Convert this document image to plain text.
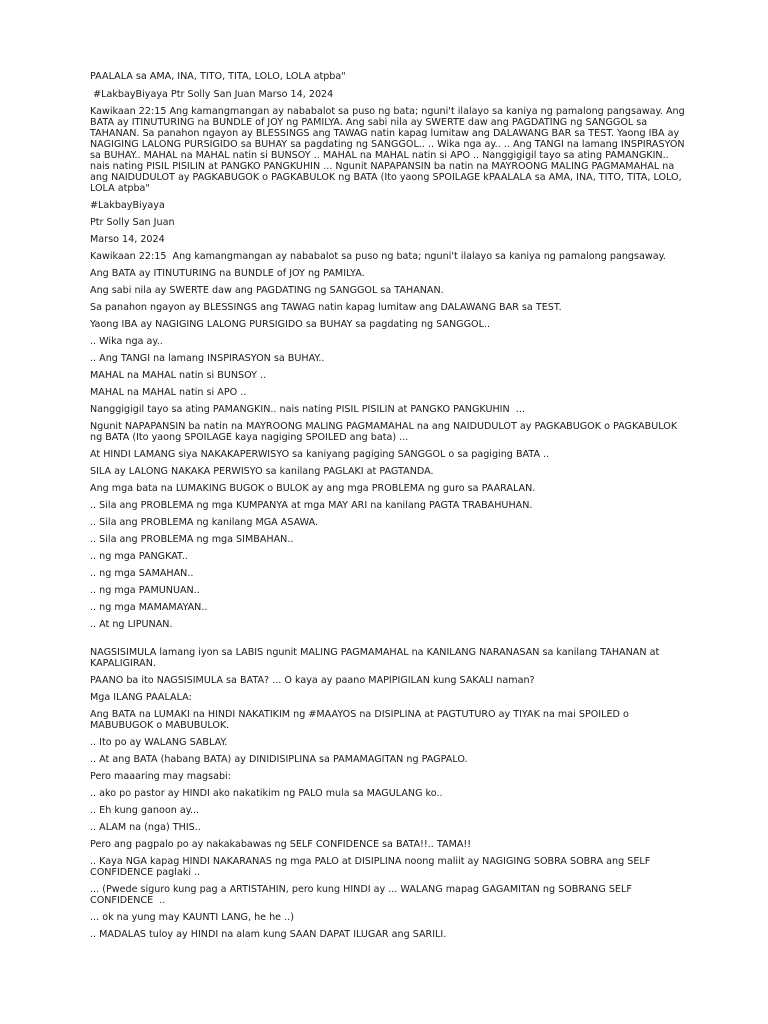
PAALALA sa AMA, INA, TITO, TITA, LOLO, LOLA atpba"

#LakbayBiyaya Ptr Solly San Juan Marso 14, 2024

Kawikaan 22:15 Ang kamangmangan ay nababalot sa puso ng bata; nguni't ilalayo sa kaniya ng pamalong pangsaway. Ang BATA ay ITINUTURING na BUNDLE of JOY ng PAMILYA. Ang sabi nila ay SWERTE daw ang PAGDATING ng SANGGOL sa TAHANAN. Sa panahon ngayon ay BLESSINGS ang TAWAG natin kapag lumitaw ang DALAWANG BAR sa TEST. Yaong IBA ay NAGIGING LALONG PURSIGIDO sa BUHAY sa pagdating ng SANGGOL.. .. Wika nga ay.. .. Ang TANGI na lamang INSPIRASYON sa BUHAY.. MAHAL na MAHAL natin si BUNSOY .. MAHAL na MAHAL natin si APO .. Nanggigigil tayo sa ating PAMANGKIN.. nais nating PISIL PISILIN at PANGKO PANGKUHIN ... Ngunit NAPAPANSIN ba natin na MAYROONG MALING PAGMAMAHAL na ang NAIDUDULOT ay PAGKABUGOK o PAGKABULOK ng BATA (Ito yaong SPOILAGE kPAALALA sa AMA, INA, TITO, TITA, LOLO, LOLA atpba"

#LakbayBiyaya

Ptr Solly San Juan

Marso 14, 2024

Kawikaan 22:15  Ang kamangmangan ay nababalot sa puso ng bata; nguni't ilalayo sa kaniya ng pamalong pangsaway.

Ang BATA ay ITINUTURING na BUNDLE of JOY ng PAMILYA.

Ang sabi nila ay SWERTE daw ang PAGDATING ng SANGGOL sa TAHANAN.

Sa panahon ngayon ay BLESSINGS ang TAWAG natin kapag lumitaw ang DALAWANG BAR sa TEST.

Yaong IBA ay NAGIGING LALONG PURSIGIDO sa BUHAY sa pagdating ng SANGGOL..

.. Wika nga ay..

.. Ang TANGI na lamang INSPIRASYON sa BUHAY..

MAHAL na MAHAL natin si BUNSOY ..

MAHAL na MAHAL natin si APO ..

Nanggigigil tayo sa ating PAMANGKIN.. nais nating PISIL PISILIN at PANGKO PANGKUHIN  ...

Ngunit NAPAPANSIN ba natin na MAYROONG MALING PAGMAMAHAL na ang NAIDUDULOT ay PAGKABUGOK o PAGKABULOK ng BATA (Ito yaong SPOILAGE kaya nagiging SPOILED ang bata) ...

At HINDI LAMANG siya NAKAKAPERWISYO sa kaniyang pagiging SANGGOL o sa pagiging BATA ..

SILA ay LALONG NAKAKA PERWISYO sa kanilang PAGLAKI at PAGTANDA.

Ang mga bata na LUMAKING BUGOK o BULOK ay ang mga PROBLEMA ng guro sa PAARALAN.

.. Sila ang PROBLEMA ng mga KUMPANYA at mga MAY ARI na kanilang PAGTA TRABAHUHAN.

.. Sila ang PROBLEMA ng kanilang MGA ASAWA.

.. Sila ang PROBLEMA ng mga SIMBAHAN..

.. ng mga PANGKAT..

.. ng mga SAMAHAN..

.. ng mga PAMUNUAN..

.. ng mga MAMAMAYAN..

.. At ng LIPUNAN.

NAGSISIMULA lamang iyon sa LABIS ngunit MALING PAGMAMAHAL na KANILANG NARANASAN sa kanilang TAHANAN at KAPALIGIRAN.

PAANO ba ito NAGSISIMULA sa BATA? ... O kaya ay paano MAPIPIGILAN kung SAKALI naman?

Mga ILANG PAALALA:

Ang BATA na LUMAKI na HINDI NAKATIKIM ng #MAAYOS na DISIPLINA at PAGTUTURO ay TIYAK na mai SPOILED o MABUBUGOK o MABUBULOK.

.. Ito po ay WALANG SABLAY.

.. At ang BATA (habang BATA) ay DINIDISIPLINA sa PAMAMAGITAN ng PAGPALO.

Pero maaaring may magsabi:

.. ako po pastor ay HINDI ako nakatikim ng PALO mula sa MAGULANG ko..

.. Eh kung ganoon ay...

.. ALAM na (nga) THIS..

Pero ang pagpalo po ay nakakabawas ng SELF CONFIDENCE sa BATA!!.. TAMA!!

.. Kaya NGA kapag HINDI NAKARANAS ng mga PALO at DISIPLINA noong maliit ay NAGIGING SOBRA SOBRA ang SELF CONFIDENCE paglaki ..

... (Pwede siguro kung pag a ARTISTAHIN, pero kung HINDI ay ... WALANG mapag GAGAMITAN ng SOBRANG SELF CONFIDENCE  ..

... ok na yung may KAUNTI LANG, he he ..)

.. MADALAS tuloy ay HINDI na alam kung SAAN DAPAT ILUGAR ang SARILI.
